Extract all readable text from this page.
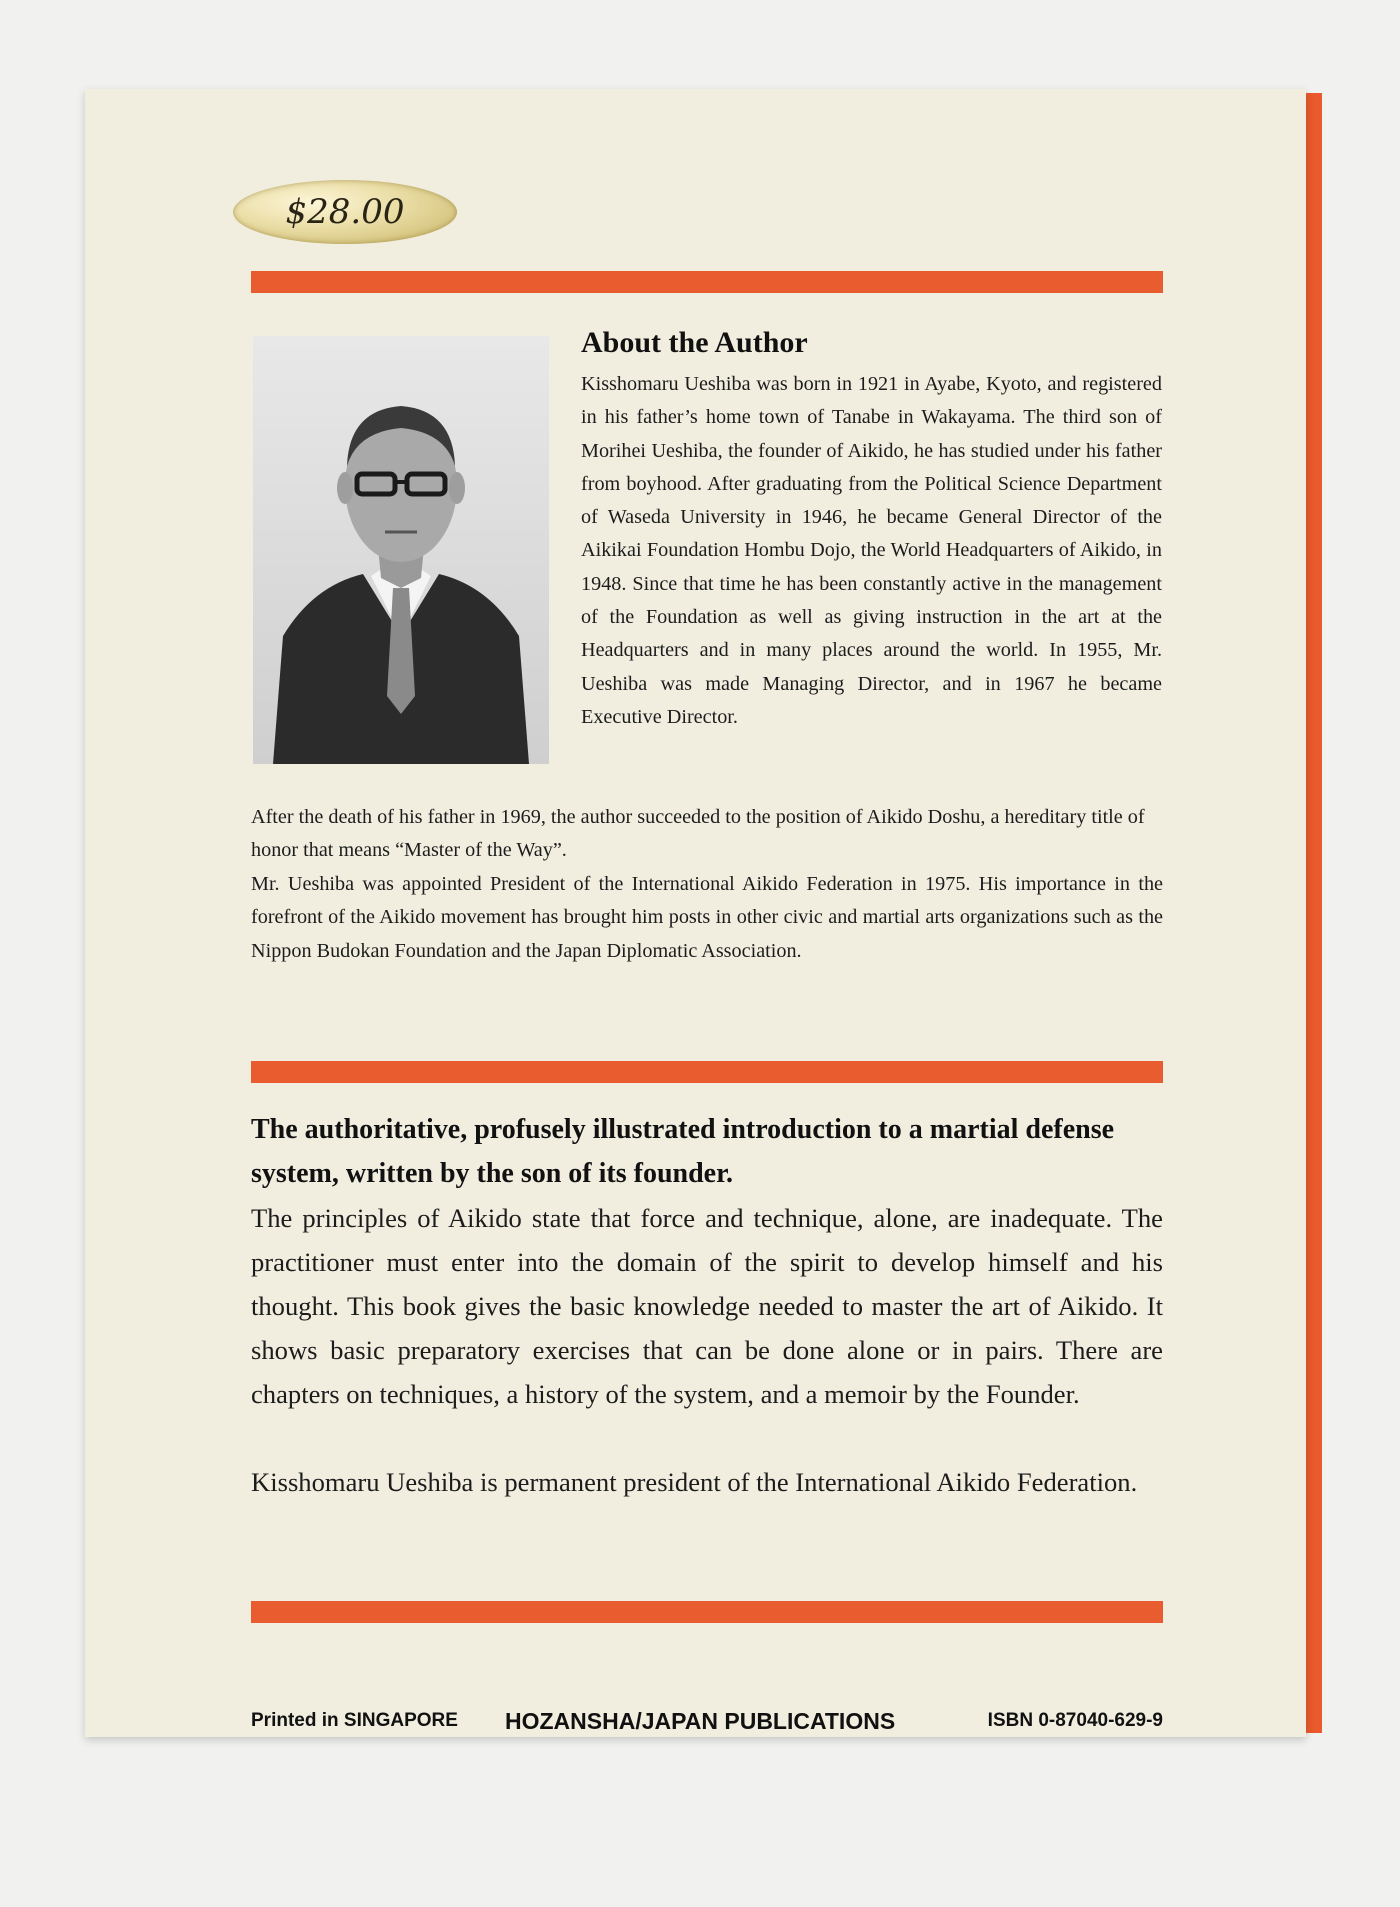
$28.00
About the Author
Kisshomaru Ueshiba was born in 1921 in Ayabe, Kyoto, and registered in his father’s home town of Tanabe in Wakayama. The third son of Morihei Ueshiba, the founder of Aikido, he has studied under his father from boyhood. After graduating from the Political Science Department of Waseda University in 1946, he became General Director of the Aikikai Foundation Hombu Dojo, the World Headquarters of Aikido, in 1948. Since that time he has been constantly active in the management of the Foundation as well as giving instruction in the art at the Headquarters and in many places around the world. In 1955, Mr. Ueshiba was made Managing Director, and in 1967 he became Executive Director.
After the death of his father in 1969, the author succeeded to the position of Aikido Doshu, a hereditary title of honor that means “Master of the Way”.
Mr. Ueshiba was appointed President of the International Aikido Federation in 1975. His importance in the forefront of the Aikido movement has brought him posts in other civic and martial arts organizations such as the Nippon Budokan Foundation and the Japan Diplomatic Association.
The authoritative, profusely illustrated introduction to a martial defense system, written by the son of its founder.
The principles of Aikido state that force and technique, alone, are inadequate. The practitioner must enter into the domain of the spirit to develop himself and his thought. This book gives the basic knowledge needed to master the art of Aikido. It shows basic preparatory exercises that can be done alone or in pairs. There are chapters on techniques, a history of the system, and a memoir by the Founder.
Kisshomaru Ueshiba is permanent president of the International Aikido Federation.
Printed in SINGAPORE HOZANSHA/JAPAN PUBLICATIONS	ISBN 0-87040-629-9
